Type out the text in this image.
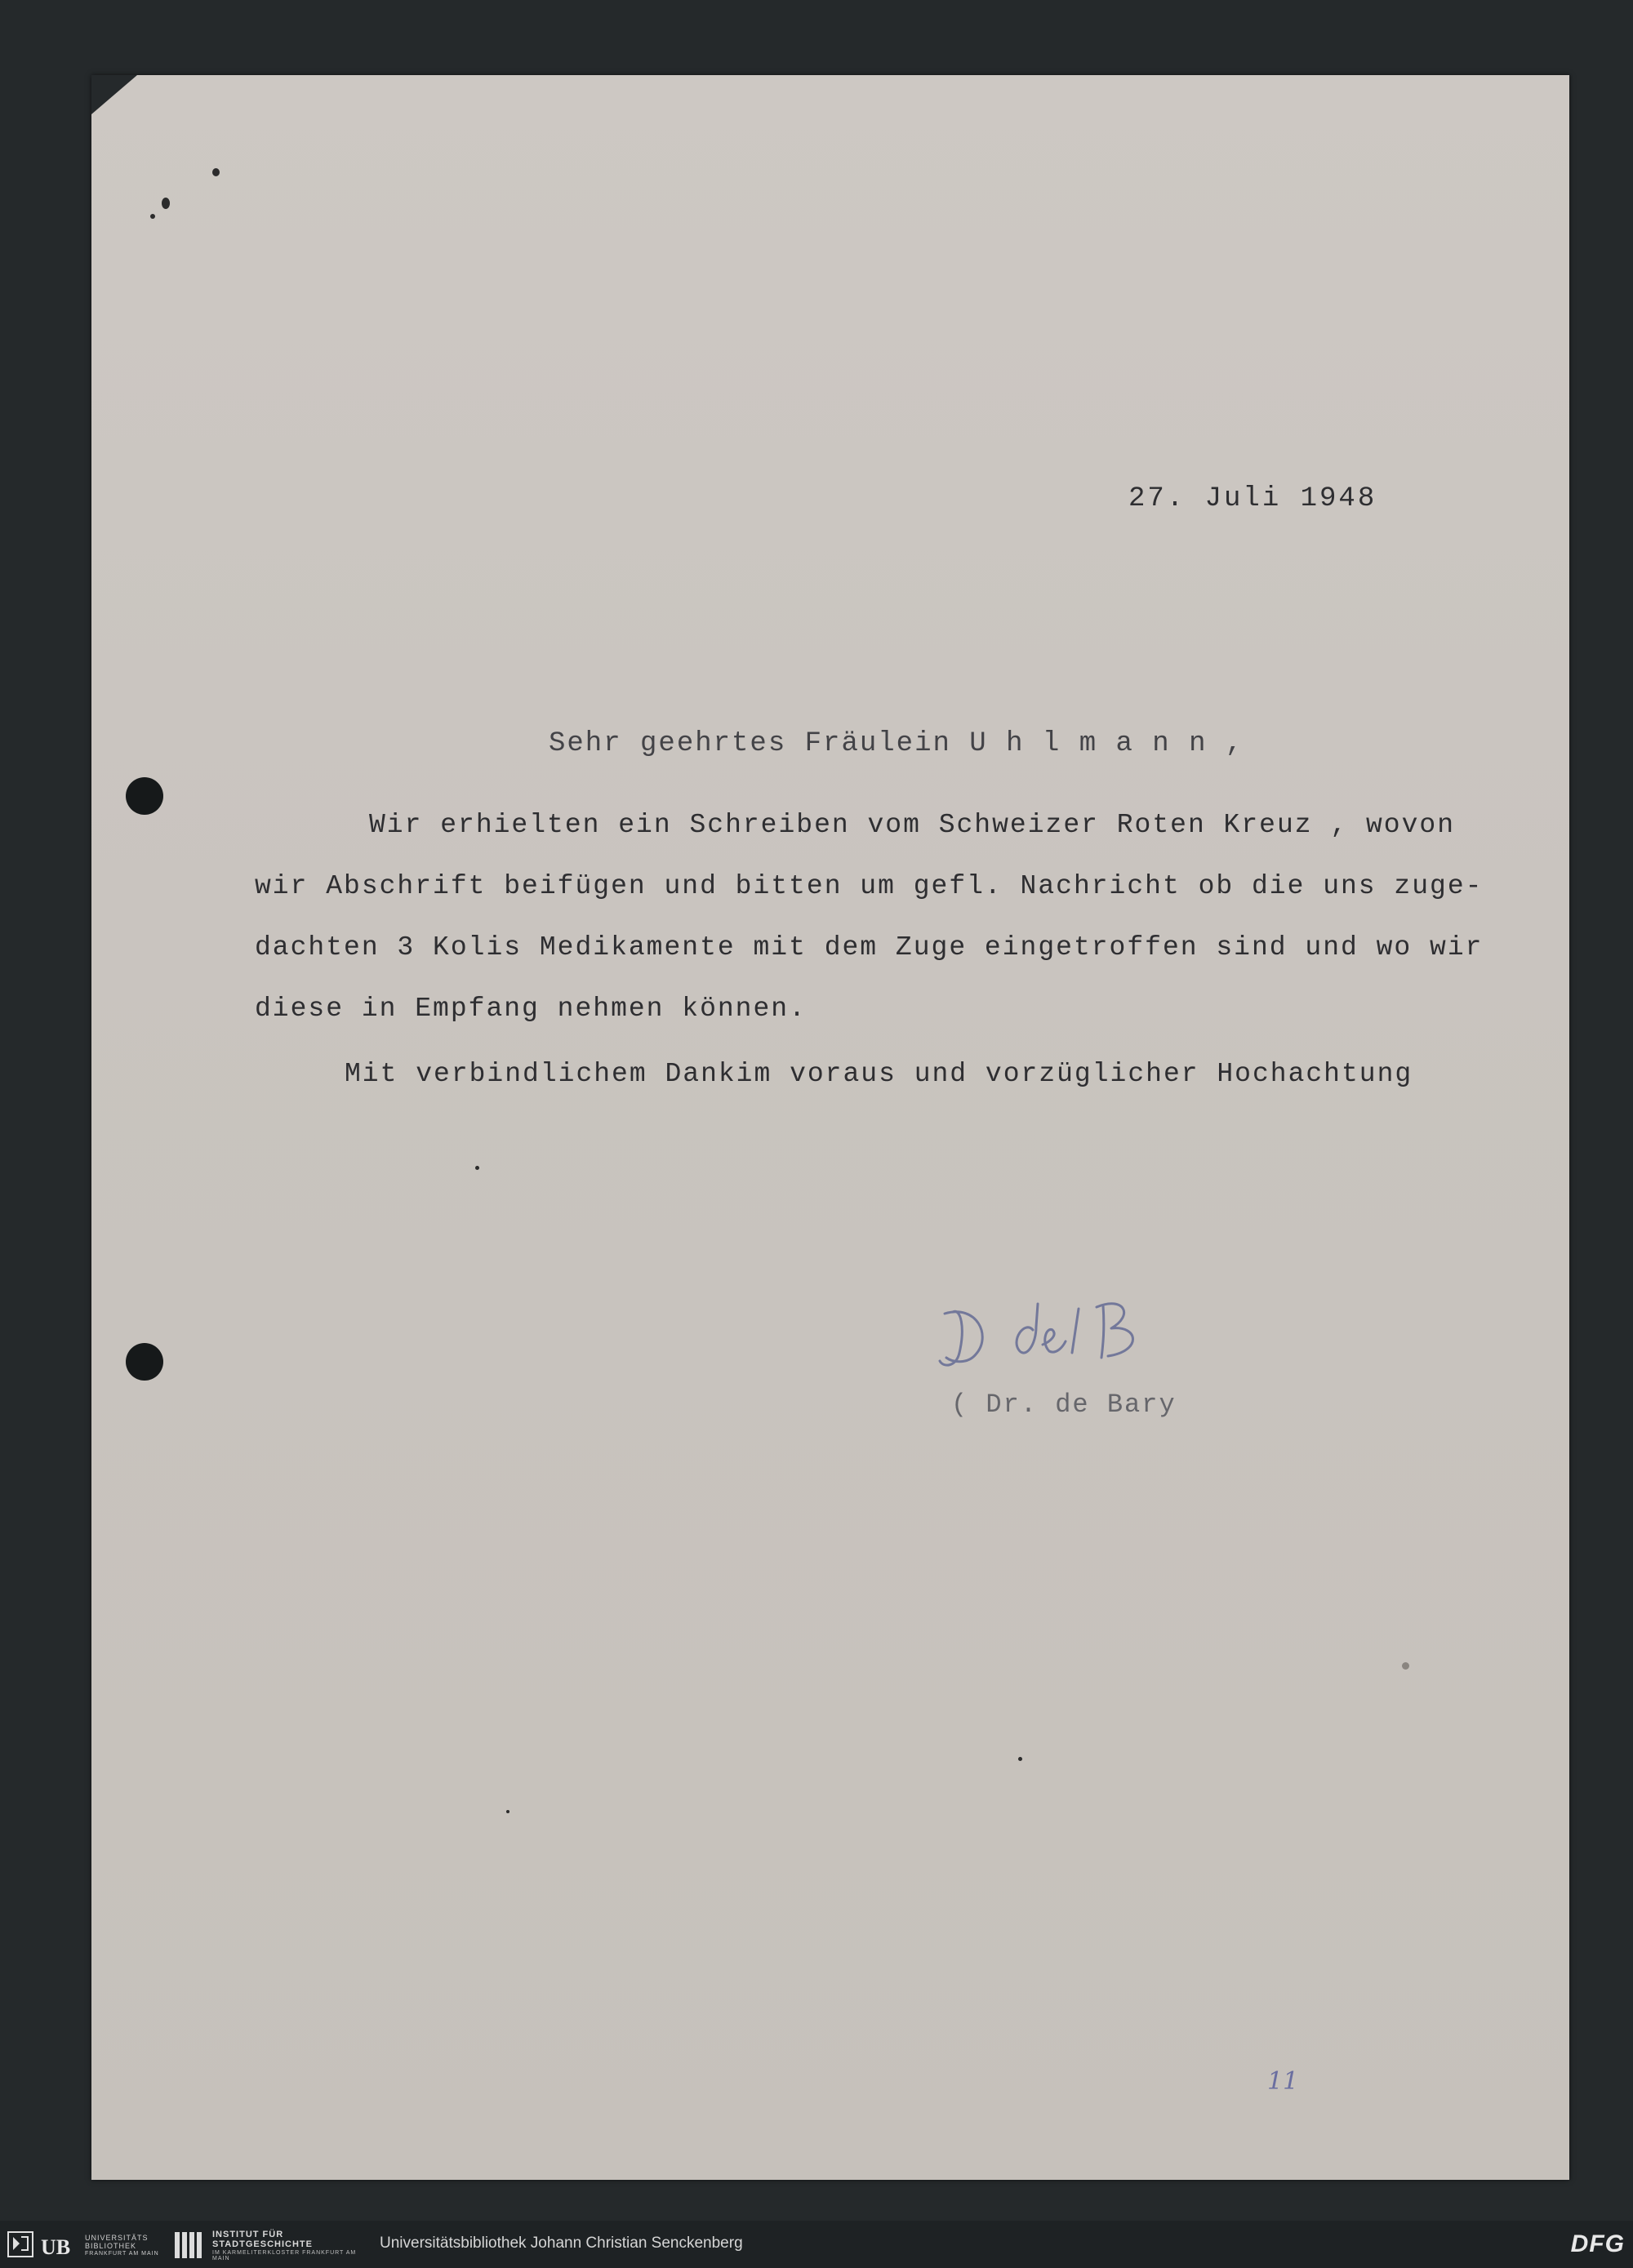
27. Juli 1948

Sehr geehrtes Fräulein U h l m a n n ,

Wir erhielten ein Schreiben vom Schweizer Roten Kreuz , wovon

wir Abschrift beifügen und bitten um gefl. Nachricht ob die uns zuge-

dachten 3 Kolis Medikamente mit dem Zuge eingetroffen sind und wo wir

diese in Empfang nehmen können.

Mit verbindlichem Dankim voraus und vorzüglicher Hochachtung

( Dr. de Bary

11

UB UNIVERSITÄTS
BIBLIOTHEK
FRANKFURT AM MAIN
INSTITUT FÜR
STADTGESCHICHTE
IM KARMELITERKLOSTER FRANKFURT AM MAIN
Universitätsbibliothek Johann Christian Senckenberg	DFG
